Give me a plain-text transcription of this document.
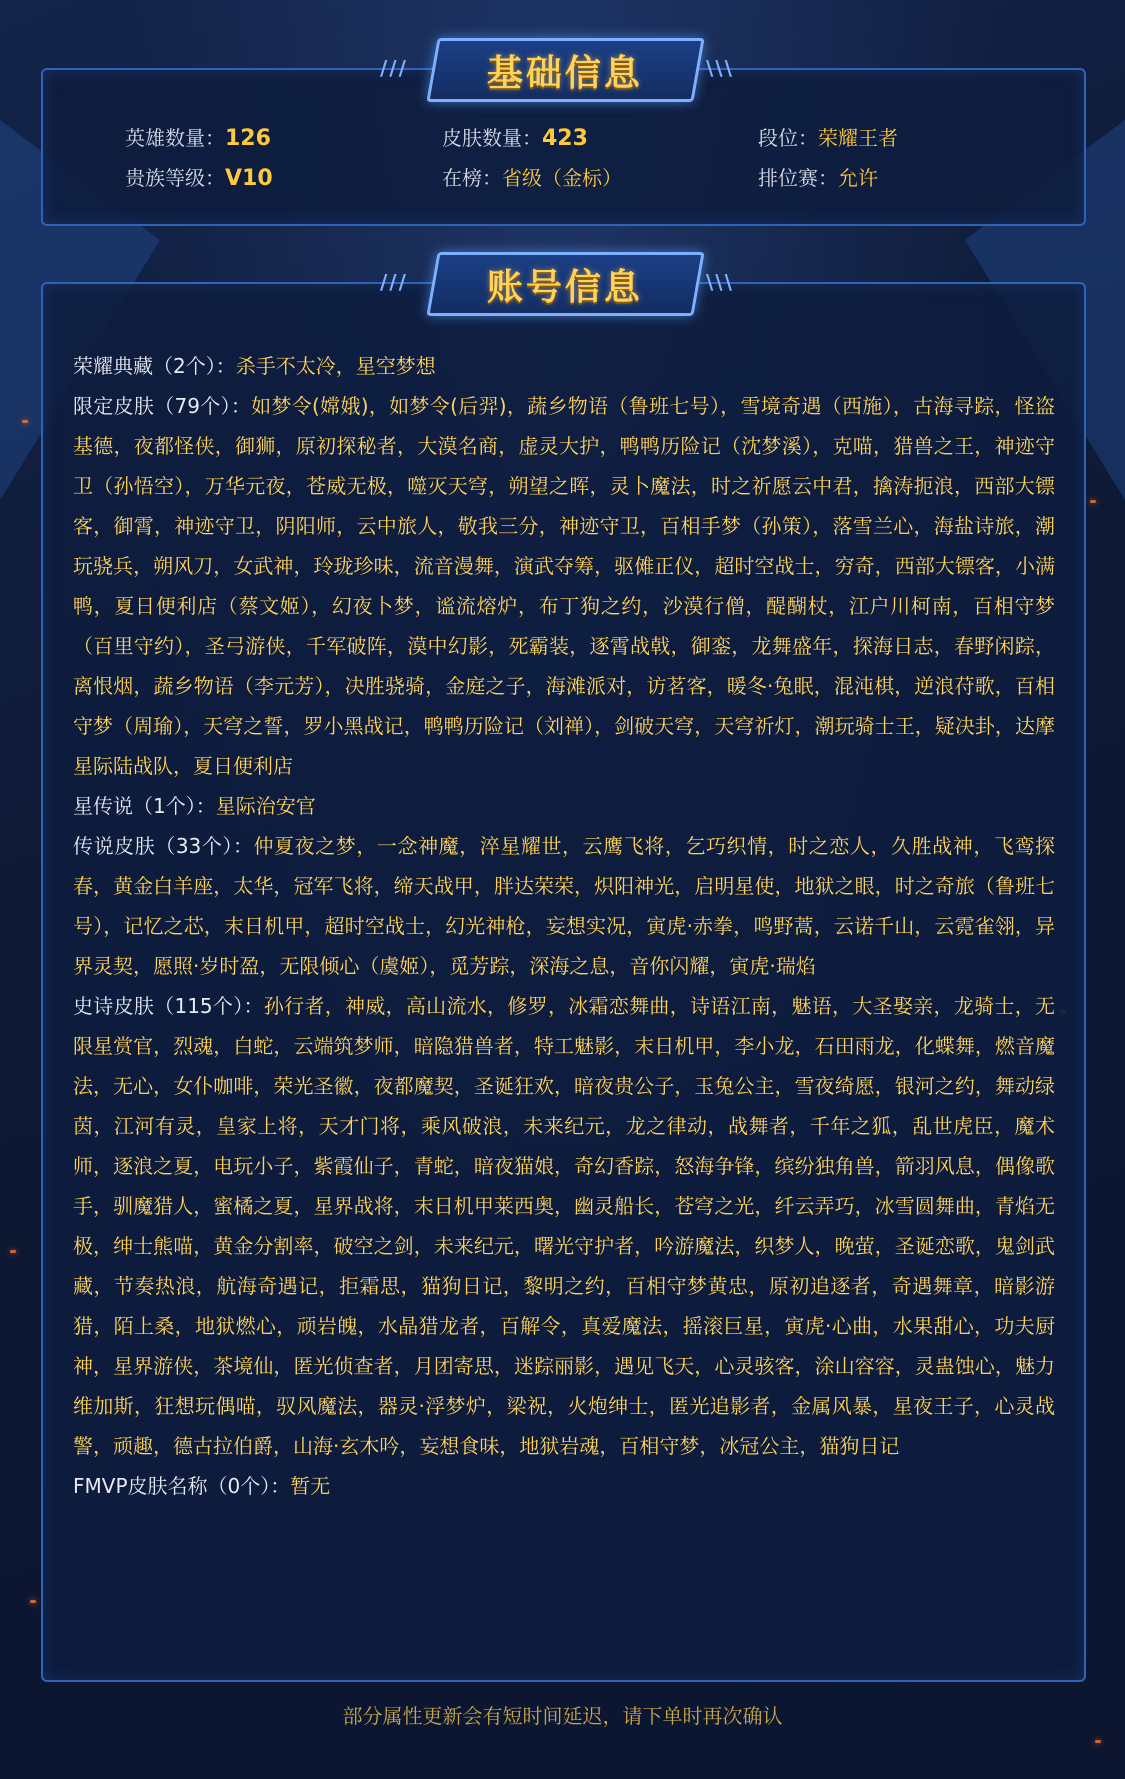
英雄数量：126	皮肤数量：423	段位：荣耀王者
贵族等级：V10	在榜：省级（金标）	排位赛：允许
/// 基础信息	\\\

荣耀典藏（2个）：杀手不太冷，星空梦想

限定皮肤（79个）：如梦令(嫦娥)，如梦令(后羿)，蔬乡物语（鲁班七号），雪境奇遇（西施），古海寻踪，怪盗基德，夜都怪侠，御狮，原初探秘者，大漠名商，虚灵大护，鸭鸭历险记（沈梦溪），克喵，猎兽之王，神迹守卫（孙悟空），万华元夜，苍威无极，噬灭天穹，朔望之晖，灵卜魔法，时之祈愿云中君，擒涛扼浪，西部大镖客，御霄，神迹守卫，阴阳师，云中旅人，敬我三分，神迹守卫，百相手梦（孙策），落雪兰心，海盐诗旅，潮玩骁兵，朔风刀，女武神，玲珑珍味，流音漫舞，演武夺筹，驱傩正仪，超时空战士，穷奇，西部大镖客，小满鸭，夏日便利店（蔡文姬），幻夜卜梦，谧流熔炉，布丁狗之约，沙漠行僧，醍醐杖，江户川柯南，百相守梦（百里守约），圣弓游侠，千军破阵，漠中幻影，死霸装，逐霄战戟，御銮，龙舞盛年，探海日志，春野闲踪，离恨烟，蔬乡物语（李元芳），决胜骁骑，金庭之子，海滩派对，访茗客，暖冬·兔眠，混沌棋，逆浪苻歌，百相守梦（周瑜），天穹之誓，罗小黑战记，鸭鸭历险记（刘禅），剑破天穹，天穹祈灯，潮玩骑士王，疑决卦，达摩星际陆战队，夏日便利店

星传说（1个）：星际治安官

传说皮肤（33个）：仲夏夜之梦，一念神魔，淬星耀世，云鹰飞将，乞巧织情，时之恋人，久胜战神，飞鸾探春，黄金白羊座，太华，冠军飞将，缔天战甲，胖达荣荣，炽阳神光，启明星使，地狱之眼，时之奇旅（鲁班七号），记忆之芯，末日机甲，超时空战士，幻光神枪，妄想实况，寅虎·赤拳，鸣野蒿，云诺千山，云霓雀翎，异界灵契，愿照·岁时盈，无限倾心（虞姬），觅芳踪，深海之息，音你闪耀，寅虎·瑞焰

史诗皮肤（115个）：孙行者，神威，高山流水，修罗，冰霜恋舞曲，诗语江南，魅语，大圣娶亲，龙骑士，无限星赏官，烈魂，白蛇，云端筑梦师，暗隐猎兽者，特工魅影，末日机甲，李小龙，石田雨龙，化蝶舞，燃音魔法，无心，女仆咖啡，荣光圣徽，夜都魔契，圣诞狂欢，暗夜贵公子，玉兔公主，雪夜绮愿，银河之约，舞动绿茵，江河有灵，皇家上将，天才门将，乘风破浪，未来纪元，龙之律动，战舞者，千年之狐，乱世虎臣，魔术师，逐浪之夏，电玩小子，紫霞仙子，青蛇，暗夜猫娘，奇幻香踪，怒海争锋，缤纷独角兽，箭羽风息，偶像歌手，驯魔猎人，蜜橘之夏，星界战将，末日机甲莱西奥，幽灵船长，苍穹之光，纤云弄巧，冰雪圆舞曲，青焰无极，绅士熊喵，黄金分割率，破空之剑，未来纪元，曙光守护者，吟游魔法，织梦人，晚萤，圣诞恋歌，鬼剑武藏，节奏热浪，航海奇遇记，拒霜思，猫狗日记，黎明之约，百相守梦黄忠，原初追逐者，奇遇舞章，暗影游猎，陌上桑，地狱燃心，顽岩魄，水晶猎龙者，百解令，真爱魔法，摇滚巨星，寅虎·心曲，水果甜心，功夫厨神，星界游侠，茶境仙，匿光侦查者，月团寄思，迷踪丽影，遇见飞天，心灵骇客，涂山容容，灵蛊蚀心，魅力维加斯，狂想玩偶喵，驭风魔法，器灵·浮梦炉，梁祝，火炮绅士，匿光追影者，金属风暴，星夜王子，心灵战警，顽趣，德古拉伯爵，山海·玄木吟，妄想食味，地狱岩魂，百相守梦，冰冠公主，猫狗日记

FMVP皮肤名称（0个）：暂无

/// 账号信息	\\\
部分属性更新会有短时间延迟，请下单时再次确认
